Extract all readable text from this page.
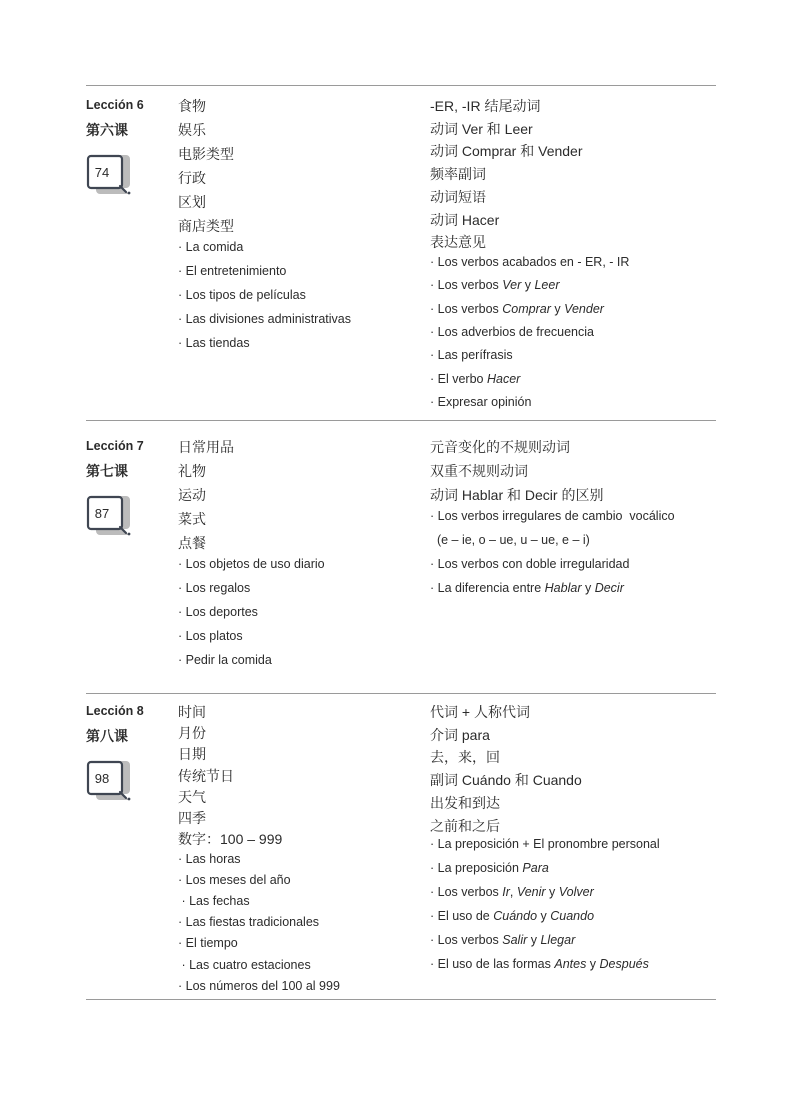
Lección 6
第六课
74
食物
娱乐
电影类型
行政
区划
商店类型
· La comida
· El entretenimiento
· Los tipos de películas
· Las divisiones administrativas
· Las tiendas
-ER, -IR 结尾动词
动词 Ver 和 Leer
动词 Comprar 和 Vender
频率副词
动词短语
动词 Hacer
表达意见
· Los verbos acabados en - ER, - IR
· Los verbos Ver y Leer
· Los verbos Comprar y Vender
· Los adverbios de frecuencia
· Las perífrasis
· El verbo Hacer
· Expresar opinión
Lección 7
第七课
87
日常用品
礼物
运动
菜式
点餐
· Los objetos de uso diario
· Los regalos
· Los deportes
· Los platos
· Pedir la comida
元音变化的不规则动词
双重不规则动词
动词 Hablar 和 Decir 的区别
· Los verbos irregulares de cambio  vocálico
(e – ie, o – ue, u – ue, e – i)
· Los verbos con doble irregularidad
· La diferencia entre Hablar y Decir
Lección 8
第八课
98
时间
月份
日期
传统节日
天气
四季
数字：100 – 999
· Las horas
· Los meses del año
· Las fechas
· Las fiestas tradicionales
· El tiempo
· Las cuatro estaciones
· Los números del 100 al 999
代词 + 人称代词
介词 para
去，来，回
副词 Cuándo 和 Cuando
出发和到达
之前和之后
· La preposición + El pronombre personal
· La preposición Para
· Los verbos Ir, Venir y Volver
· El uso de Cuándo y Cuando
· Los verbos Salir y Llegar
· El uso de las formas Antes y Después
